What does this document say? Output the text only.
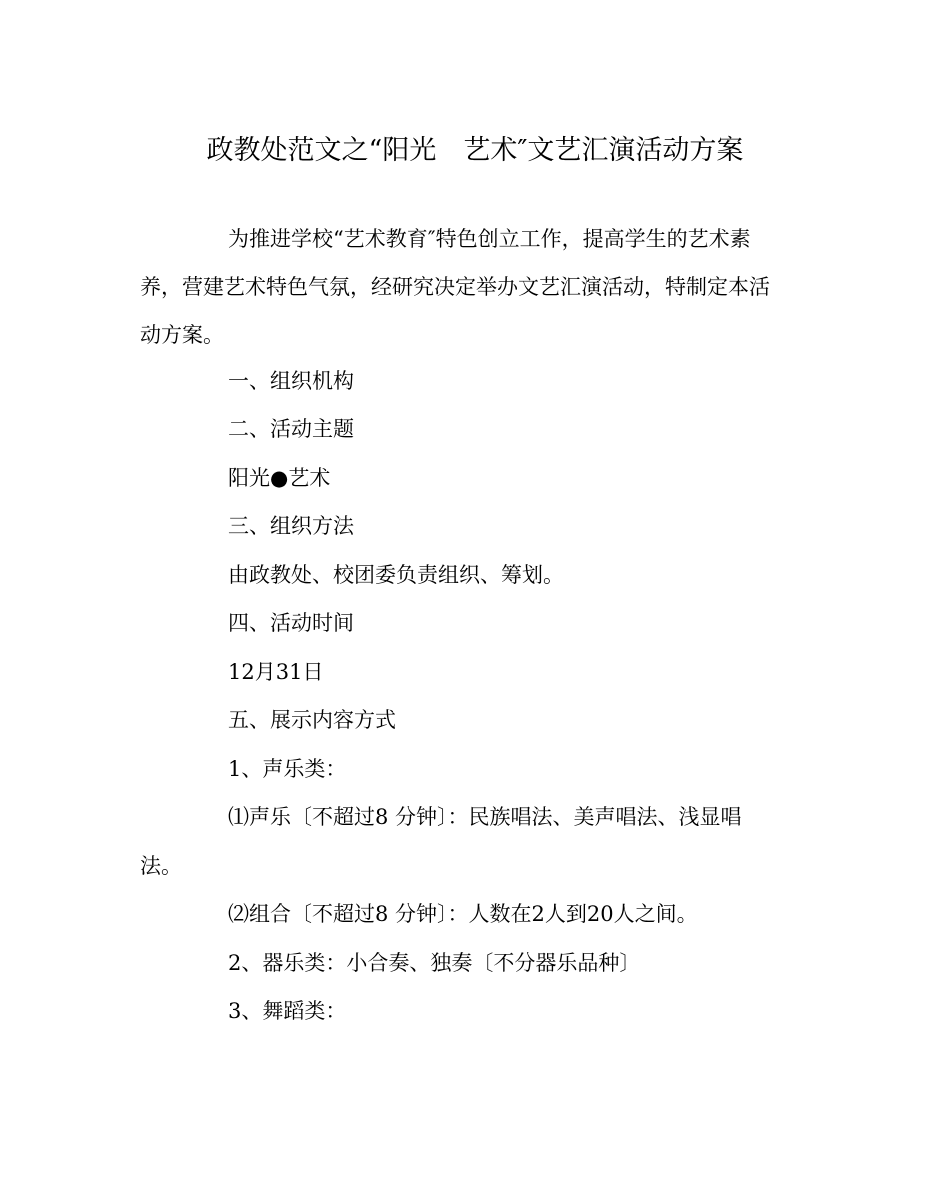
政教处范文之“阳光　艺术″文艺汇演活动方案
为推进学校“艺术教育″特色创立工作，提高学生的艺术素养，营建艺术特色气氛，经研究决定举办文艺汇演活动，特制定本活动方案。
一、组织机构
二、活动主题
阳光●艺术
三、组织方法
由政教处、校团委负责组织、筹划。
四、活动时间
12月31日
五、展示内容方式
1、声乐类：
⑴声乐〔不超过8 分钟〕：民族唱法、美声唱法、浅显唱
法。
⑵组合〔不超过8 分钟〕：人数在2人到20人之间。
2、器乐类：小合奏、独奏〔不分器乐品种〕
3、舞蹈类：
